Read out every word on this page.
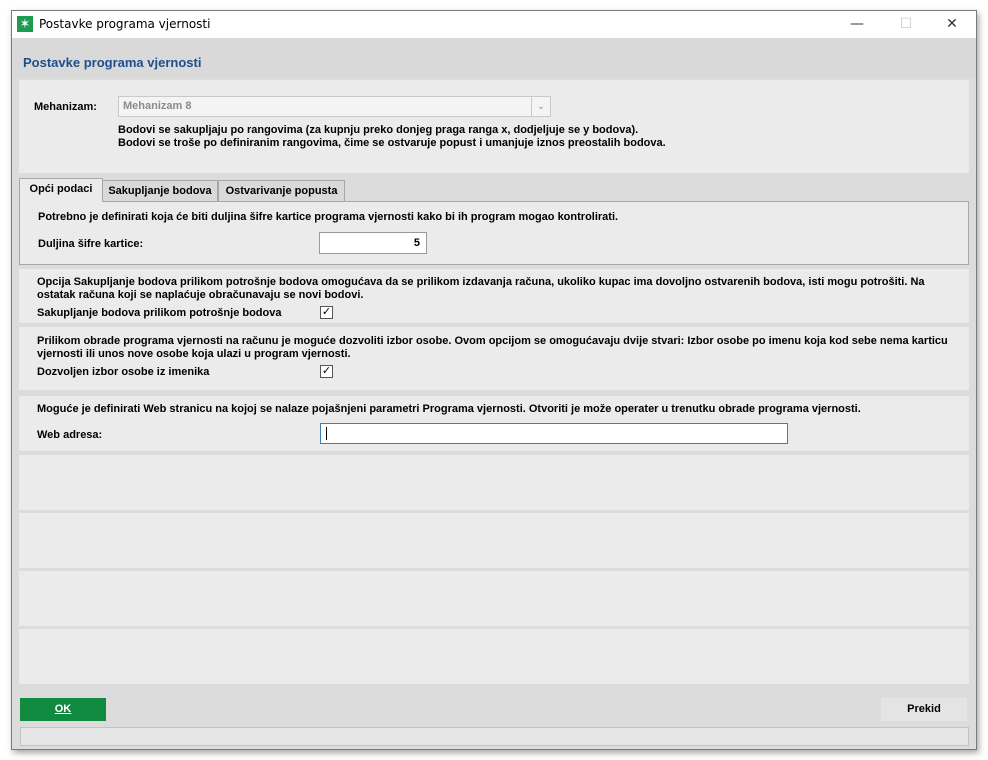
✶ Postavke programa vjernosti	—	☐	✕
Postavke programa vjernosti
Mehanizam: Mehanizam 8	⌄
Bodovi se sakupljaju po rangovima (za kupnju preko donjeg praga ranga x, dodjeljuje se y bodova).
Bodovi se troše po definiranim rangovima, čime se ostvaruje popust i umanjuje iznos preostalih bodova.
Opći podaci	Sakupljanje bodova	Ostvarivanje popusta
Potrebno je definirati koja će biti duljina šifre kartice programa vjernosti kako bi ih program mogao kontrolirati.
Duljina šifre kartice:	5
Opcija Sakupljanje bodova prilikom potrošnje bodova omogućava da se prilikom izdavanja računa, ukoliko kupac ima dovoljno ostvarenih bodova, isti mogu potrošiti. Na
ostatak računa koji se naplaćuje obračunavaju se novi bodovi.
Sakupljanje bodova prilikom potrošnje bodova	✓
Prilikom obrade programa vjernosti na računu je moguće dozvoliti izbor osobe. Ovom opcijom se omogućavaju dvije stvari: Izbor osobe po imenu koja kod sebe nema karticu
vjernosti ili unos nove osobe koja ulazi u program vjernosti.
Dozvoljen izbor osobe iz imenika	✓
Moguće je definirati Web stranicu na kojoj se nalaze pojašnjeni parametri Programa vjernosti. Otvoriti je može operater u trenutku obrade programa vjernosti.
Web adresa:
OK	Prekid
